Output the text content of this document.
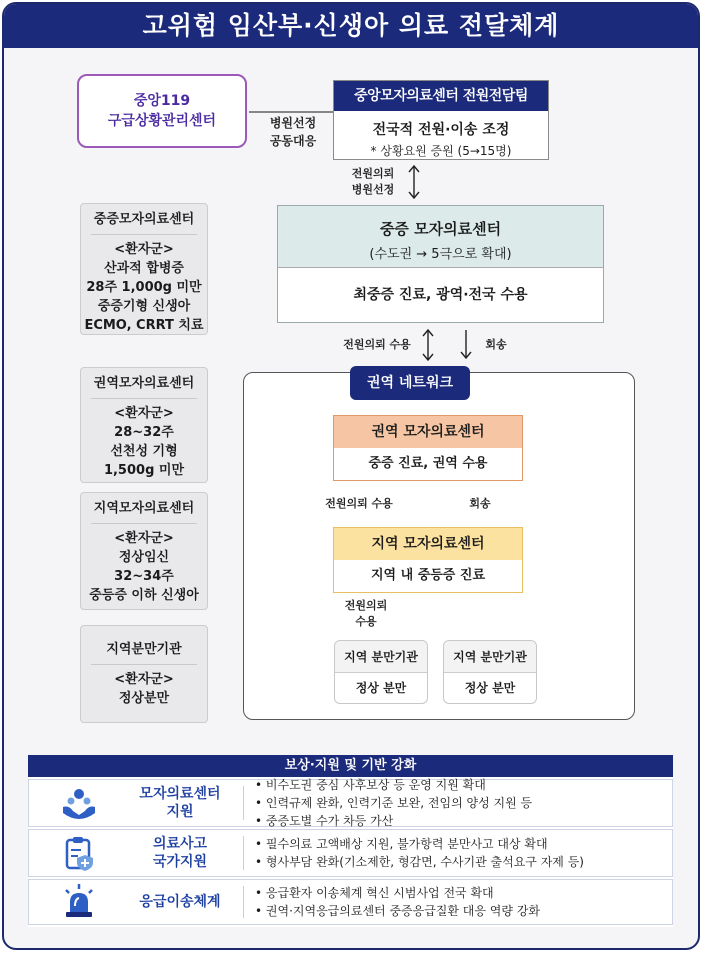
고위험 임산부·신생아 의료 전달체계
중앙119
구급상황관리센터	병원선정
공동대응
중앙모자의료센터 전원전담팀
전국적 전원·이송 조정
* 상황요원 증원 (5→15명)
전원의뢰
병원선정
중증 모자의료센터
(수도권 → 5극으로 확대)
최중증 진료, 광역·전국 수용
전원의뢰 수용	회송
중증모자의료센터
<환자군>
산과적 합병증
28주 1,000g 미만
중증기형 신생아
ECMO, CRRT 치료
권역모자의료센터
<환자군>
28~32주
선천성 기형
1,500g 미만
지역모자의료센터
<환자군>
정상임신
32~34주
중등증 이하 신생아
지역분만기관
<환자군>
정상분만
권역 네트워크
권역 모자의료센터
중증 진료, 권역 수용
전원의뢰 수용	회송
지역 모자의료센터
지역 내 중등증 진료
전원의뢰
수용
지역 분만기관
정상 분만
지역 분만기관
정상 분만
보상·지원 및 기반 강화
모자의료센터
지원
• 비수도권 중심 사후보상 등 운영 지원 확대
• 인력규제 완화, 인력기준 보완, 전임의 양성 지원 등
• 중증도별 수가 차등 가산
의료사고
국가지원
• 필수의료 고액배상 지원, 불가항력 분만사고 대상 확대
• 형사부담 완화(기소제한, 형감면, 수사기관 출석요구 자제 등)
응급이송체계
• 응급환자 이송체계 혁신 시범사업 전국 확대
• 권역·지역응급의료센터 중증응급질환 대응 역량 강화
